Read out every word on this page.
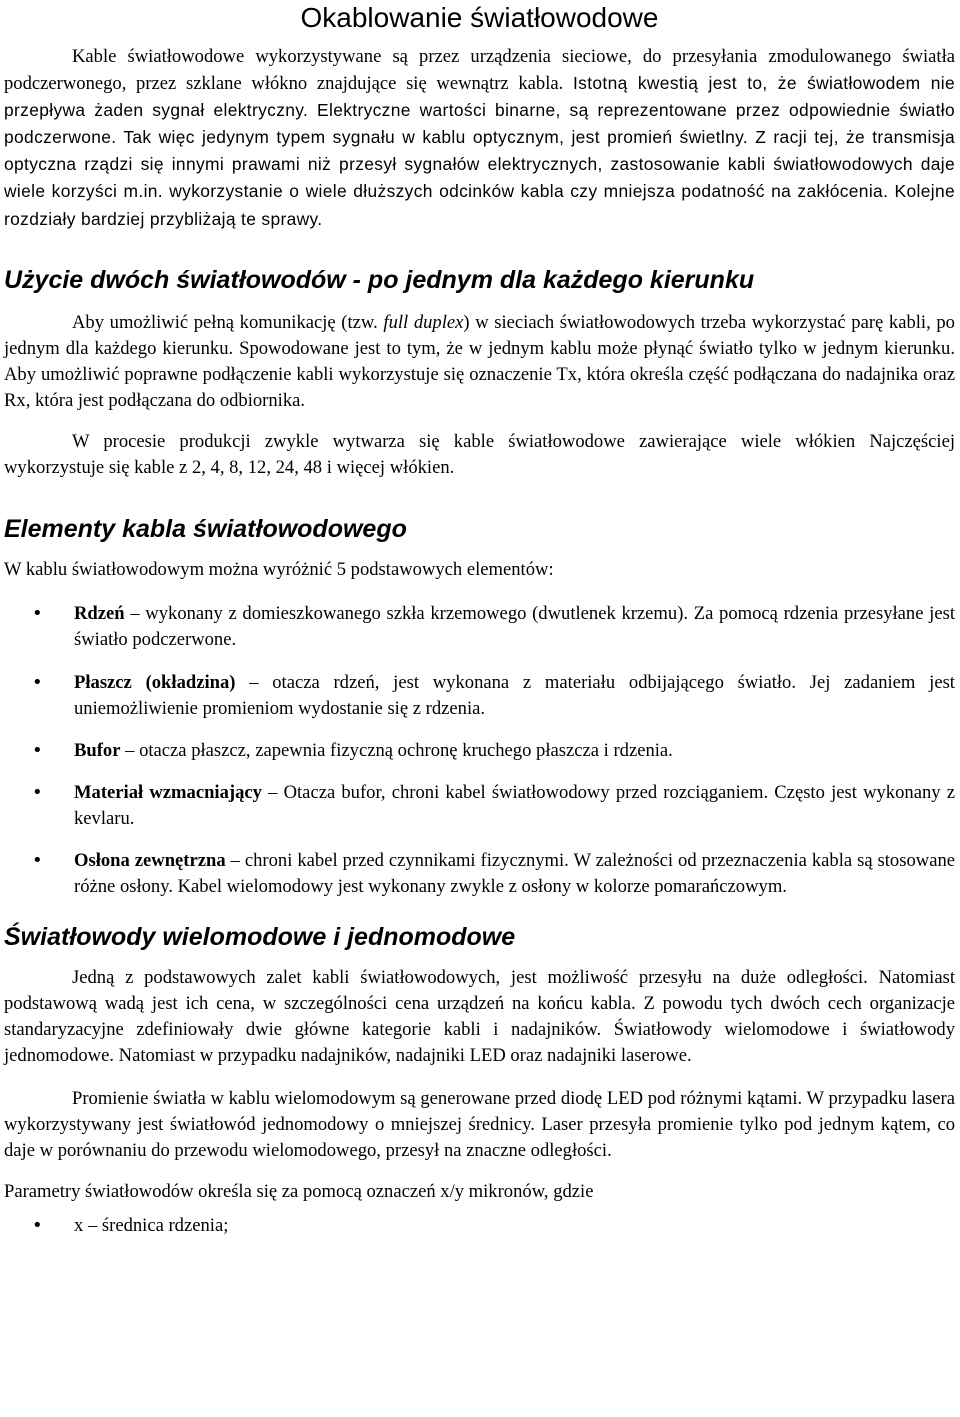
Okablowanie światłowodowe

Kable światłowodowe wykorzystywane są przez urządzenia sieciowe, do przesyłania zmodulowanego światła podczerwonego, przez szklane włókno znajdujące się wewnątrz kabla. Istotną kwestią jest to, że światłowodem nie przepływa żaden sygnał elektryczny. Elektryczne wartości binarne, są reprezentowane przez odpowiednie światło podczerwone. Tak więc jedynym typem sygnału w kablu optycznym, jest promień świetlny. Z racji tej, że transmisja optyczna rządzi się innymi prawami niż przesył sygnałów elektrycznych, zastosowanie kabli światłowodowych daje wiele korzyści m.in. wykorzystanie o wiele dłuższych odcinków kabla czy mniejsza podatność na zakłócenia. Kolejne rozdziały bardziej przybliżają te sprawy.

Użycie dwóch światłowodów - po jednym dla każdego kierunku

Aby umożliwić pełną komunikację (tzw. full duplex) w sieciach światłowodowych trzeba wykorzystać parę kabli, po jednym dla każdego kierunku. Spowodowane jest to tym, że w jednym kablu może płynąć światło tylko w jednym kierunku. Aby umożliwić poprawne podłączenie kabli wykorzystuje się oznaczenie Tx, która określa część podłączana do nadajnika oraz Rx, która jest podłączana do odbiornika.

W procesie produkcji zwykle wytwarza się kable światłowodowe zawierające wiele włókien Najczęściej wykorzystuje się kable z 2, 4, 8, 12, 24, 48 i więcej włókien.

Elementy kabla światłowodowego

W kablu światłowodowym można wyróżnić 5 podstawowych elementów:

• Rdzeń – wykonany z domieszkowanego szkła krzemowego (dwutlenek krzemu). Za pomocą rdzenia przesyłane jest światło podczerwone.
• Płaszcz (okładzina) – otacza rdzeń, jest wykonana z materiału odbijającego światło. Jej zadaniem jest uniemożliwienie promieniom wydostanie się z rdzenia.
• Bufor – otacza płaszcz, zapewnia fizyczną ochronę kruchego płaszcza i rdzenia.
• Materiał wzmacniający – Otacza bufor, chroni kabel światłowodowy przed rozciąganiem. Często jest wykonany z kevlaru.
• Osłona zewnętrzna – chroni kabel przed czynnikami fizycznymi. W zależności od przeznaczenia kabla są stosowane różne osłony. Kabel wielomodowy jest wykonany zwykle z osłony w kolorze pomarańczowym.
Światłowody wielomodowe i jednomodowe

Jedną z podstawowych zalet kabli światłowodowych, jest możliwość przesyłu na duże odległości. Natomiast podstawową wadą jest ich cena, w szczególności cena urządzeń na końcu kabla. Z powodu tych dwóch cech organizacje standaryzacyjne zdefiniowały dwie główne kategorie kabli i nadajników. Światłowody wielomodowe i światłowody jednomodowe. Natomiast w przypadku nadajników, nadajniki LED oraz nadajniki laserowe.

Promienie światła w kablu wielomodowym są generowane przed diodę LED pod różnymi kątami. W przypadku lasera wykorzystywany jest światłowód jednomodowy o mniejszej średnicy. Laser przesyła promienie tylko pod jednym kątem, co daje w porównaniu do przewodu wielomodowego, przesył na znaczne odległości.

Parametry światłowodów określa się za pomocą oznaczeń x/y mikronów, gdzie

• x – średnica rdzenia;
